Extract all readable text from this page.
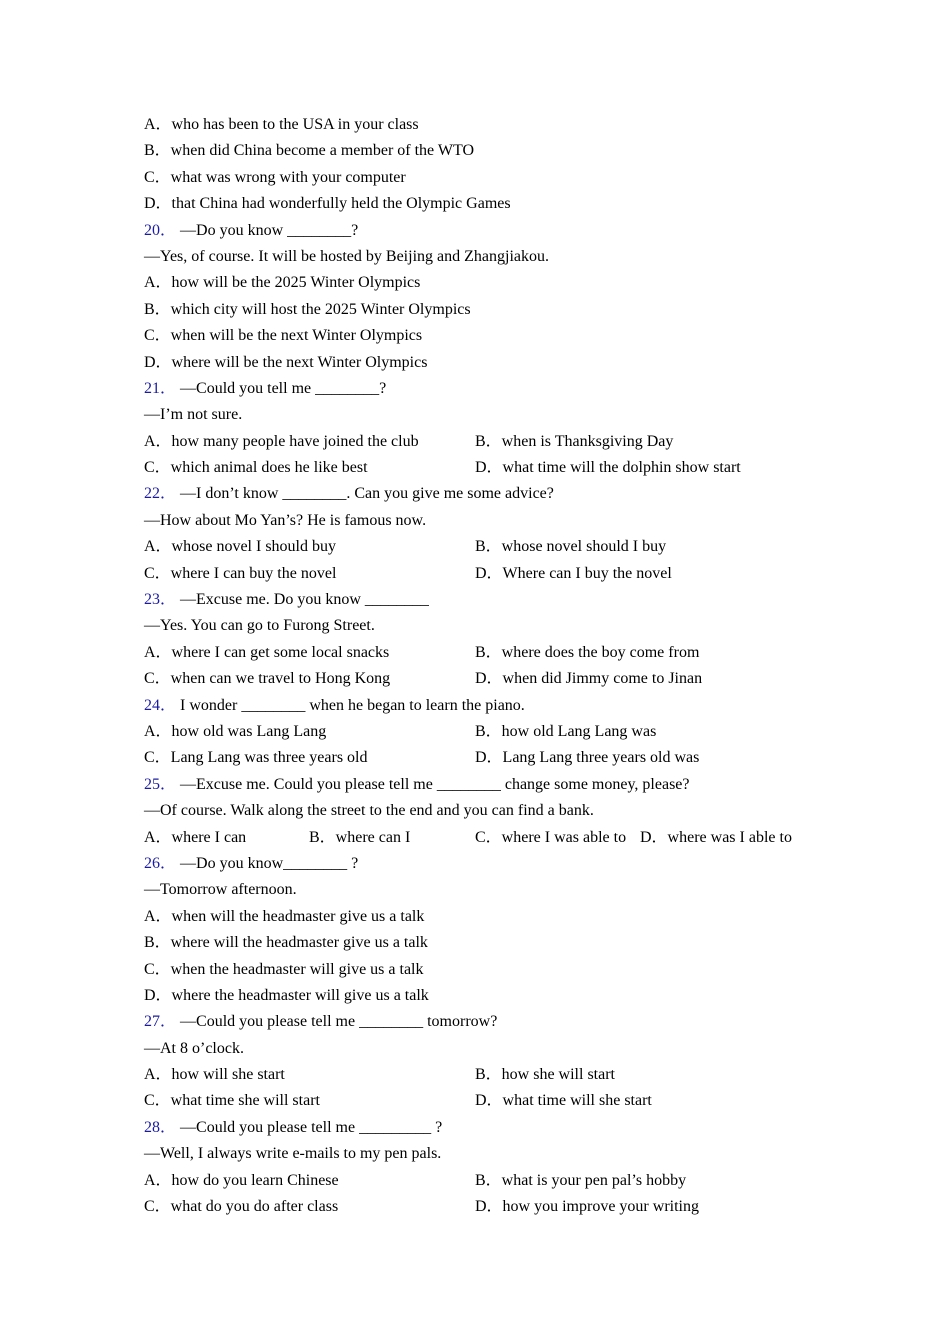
A．who has been to the USA in your class
B．when did China become a member of the WTO
C．what was wrong with your computer
D．that China had wonderfully held the Olympic Games
20． —Do you know ________?
—Yes, of course. It will be hosted by Beijing and Zhangjiakou.
A．how will be the 2025 Winter Olympics
B．which city will host the 2025 Winter Olympics
C．when will be the next Winter Olympics
D．where will be the next Winter Olympics
21． —Could you tell me ________?
—I’m not sure.
A．how many people have joined the club	B．when is Thanksgiving Day
C．which animal does he like best	D．what time will the dolphin show start
22． —I don’t know ________. Can you give me some advice?
—How about Mo Yan’s? He is famous now.
A．whose novel I should buy	B．whose novel should I buy
C．where I can buy the novel	D．Where can I buy the novel
23． —Excuse me. Do you know ________
—Yes. You can go to Furong Street.
A．where I can get some local snacks	B．where does the boy come from
C．when can we travel to Hong Kong	D．when did Jimmy come to Jinan
24． I wonder ________ when he began to learn the piano.
A．how old was Lang Lang	B．how old Lang Lang was
C．Lang Lang was three years old	D．Lang Lang three years old was
25． —Excuse me. Could you please tell me ________ change some money, please?
—Of course. Walk along the street to the end and you can find a bank.
A．where I can	B．where can I	C．where I was able to D．where was I able to
26． —Do you know________ ?
—Tomorrow afternoon.
A．when will the headmaster give us a talk
B．where will the headmaster give us a talk
C．when the headmaster will give us a talk
D．where the headmaster will give us a talk
27． —Could you please tell me ________ tomorrow?
—At 8 o’clock.
A．how will she start	B．how she will start
C．what time she will start	D．what time will she start
28． —Could you please tell me _________ ?
—Well, I always write e-mails to my pen pals.
A．how do you learn Chinese	B．what is your pen pal’s hobby
C．what do you do after class	D．how you improve your writing
